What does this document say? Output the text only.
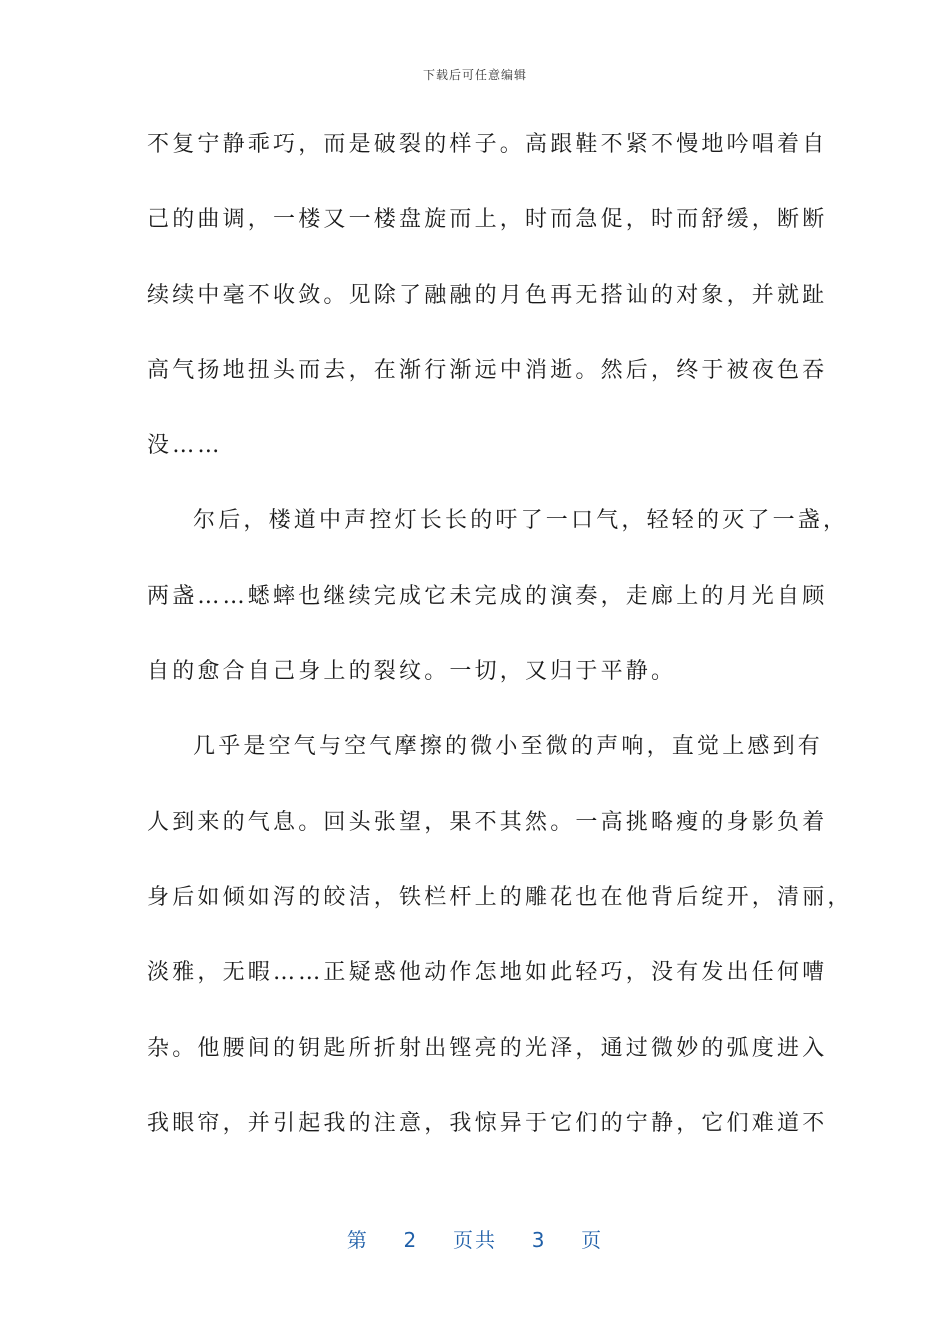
下载后可任意编辑
不复宁静乖巧，而是破裂的样子。高跟鞋不紧不慢地吟唱着自
己的曲调，一楼又一楼盘旋而上，时而急促，时而舒缓，断断
续续中毫不收敛。见除了融融的月色再无搭讪的对象，并就趾
高气扬地扭头而去，在渐行渐远中消逝。然后，终于被夜色吞
没……
尔后，楼道中声控灯长长的吁了一口气，轻轻的灭了一盏，
两盏……蟋蟀也继续完成它未完成的演奏，走廊上的月光自顾
自的愈合自己身上的裂纹。一切，又归于平静。
几乎是空气与空气摩擦的微小至微的声响，直觉上感到有
人到来的气息。回头张望，果不其然。一高挑略瘦的身影负着
身后如倾如泻的皎洁，铁栏杆上的雕花也在他背后绽开，清丽，
淡雅，无暇……正疑惑他动作怎地如此轻巧，没有发出任何嘈
杂。他腰间的钥匙所折射出铿亮的光泽，通过微妙的弧度进入
我眼帘，并引起我的注意，我惊异于它们的宁静，它们难道不
第 2 页共 3 页
